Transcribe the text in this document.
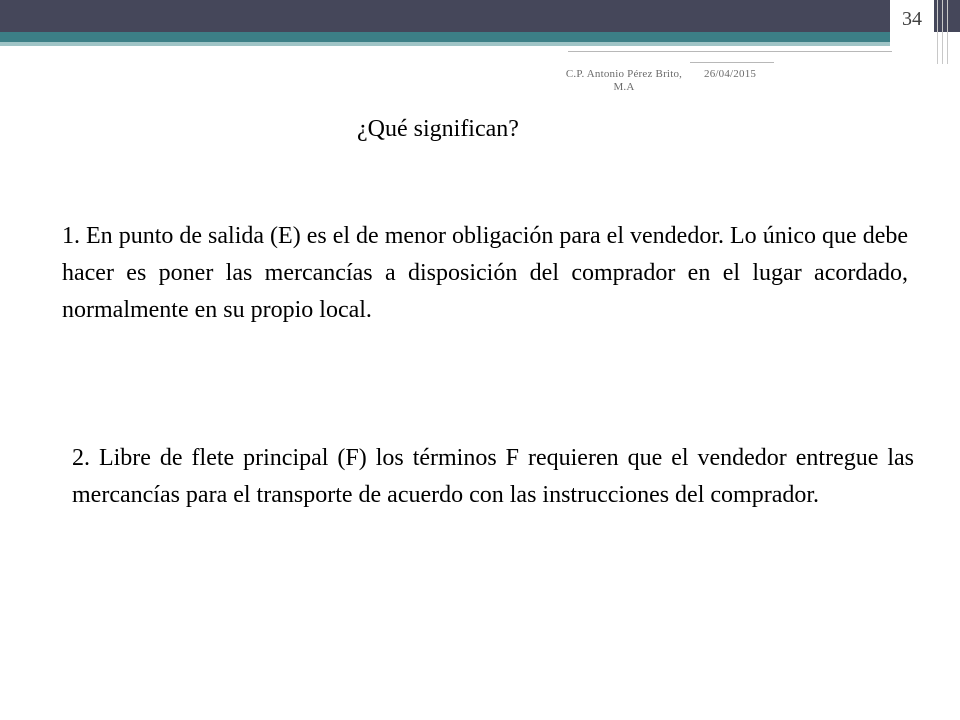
34
C.P. Antonio Pérez Brito, M.A
26/04/2015
¿Qué significan?
1. En punto de salida (E) es el de menor obligación para el vendedor. Lo único que debe hacer es poner las mercancías a disposición del comprador en el lugar acordado, normalmente en su propio local.
2. Libre de flete principal (F) los términos F requieren que el vendedor entregue las mercancías para el transporte de acuerdo con las instrucciones del comprador.
